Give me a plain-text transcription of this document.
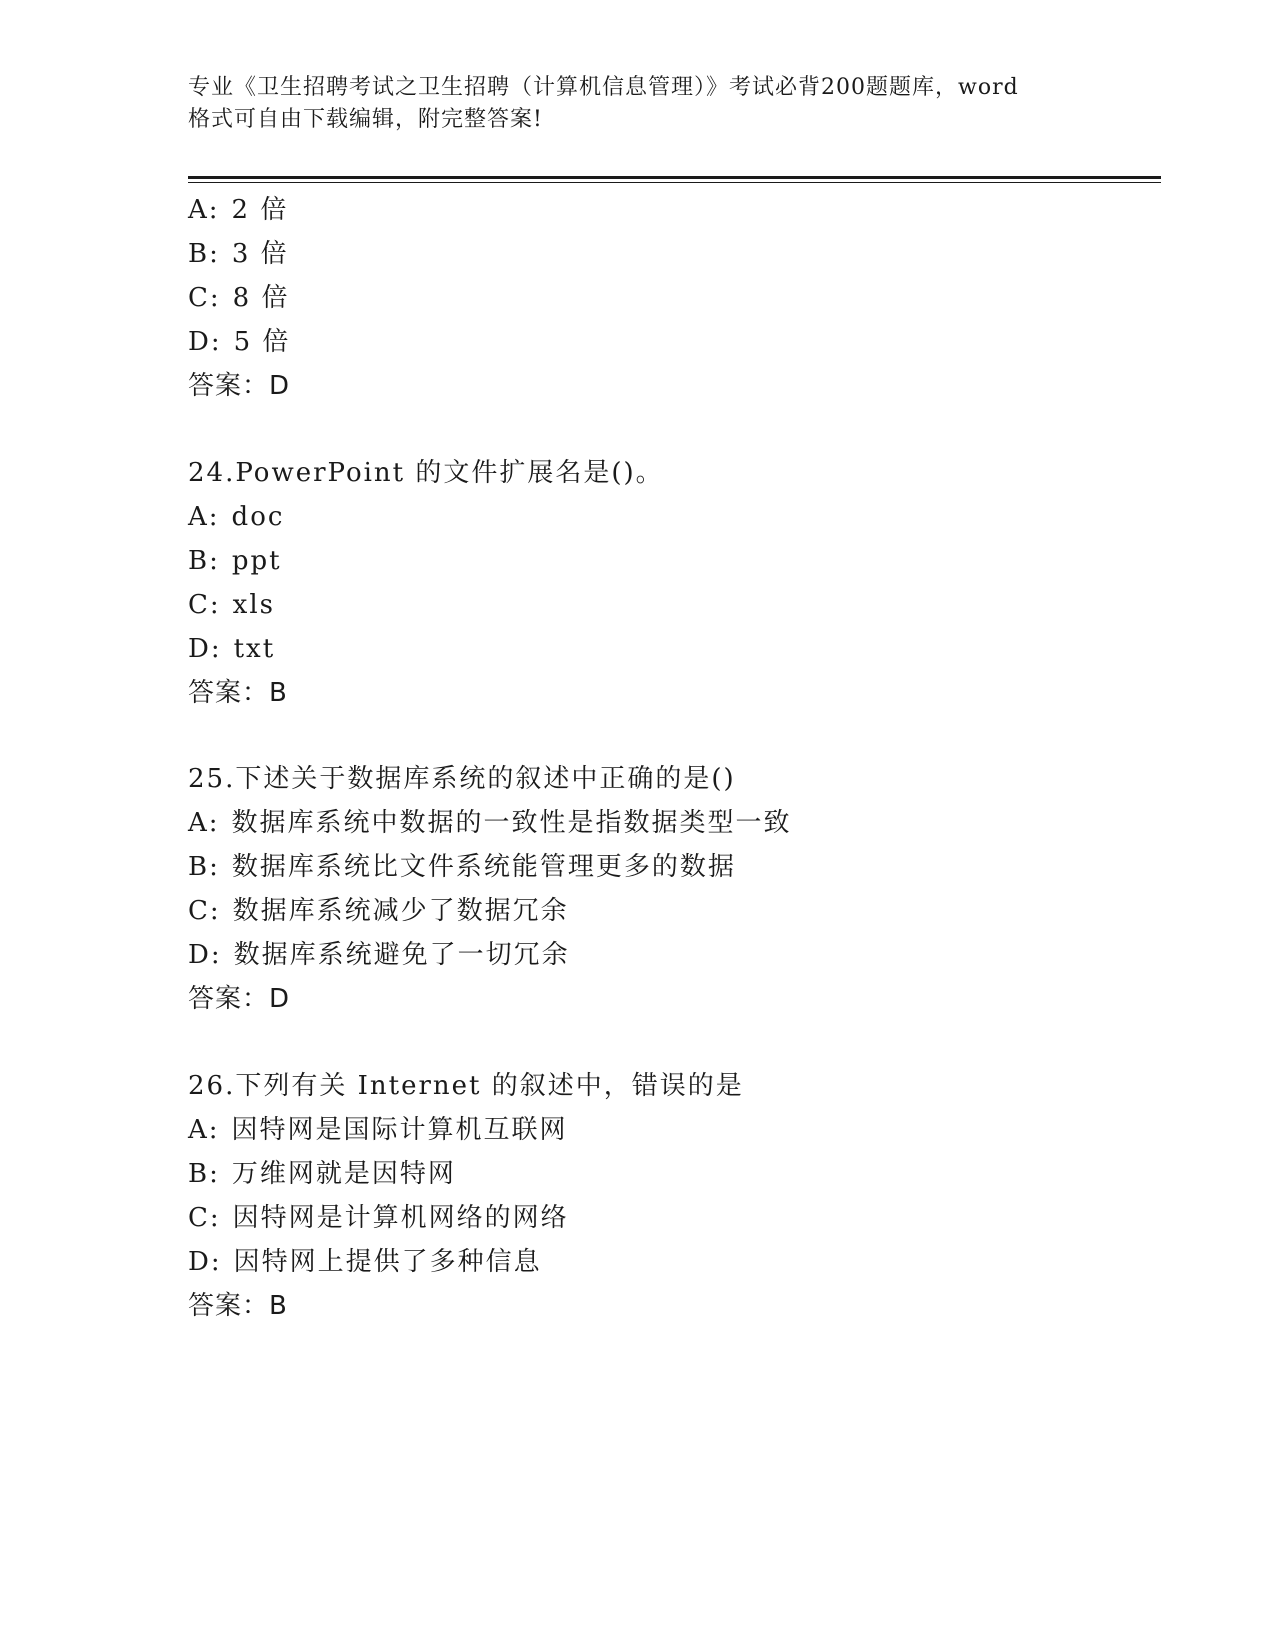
专业《卫生招聘考试之卫生招聘（计算机信息管理）》考试必背200题题库，word
格式可自由下载编辑，附完整答案!
A: 2 倍
B: 3 倍
C: 8 倍
D: 5 倍
答案：D
24.PowerPoint 的文件扩展名是()。
A: doc
B: ppt
C: xls
D: txt
答案：B
25.下述关于数据库系统的叙述中正确的是()
A: 数据库系统中数据的一致性是指数据类型一致
B: 数据库系统比文件系统能管理更多的数据
C: 数据库系统减少了数据冗余
D: 数据库系统避免了一切冗余
答案：D
26.下列有关 Internet 的叙述中，错误的是
A: 因特网是国际计算机互联网
B: 万维网就是因特网
C: 因特网是计算机网络的网络
D: 因特网上提供了多种信息
答案：B
